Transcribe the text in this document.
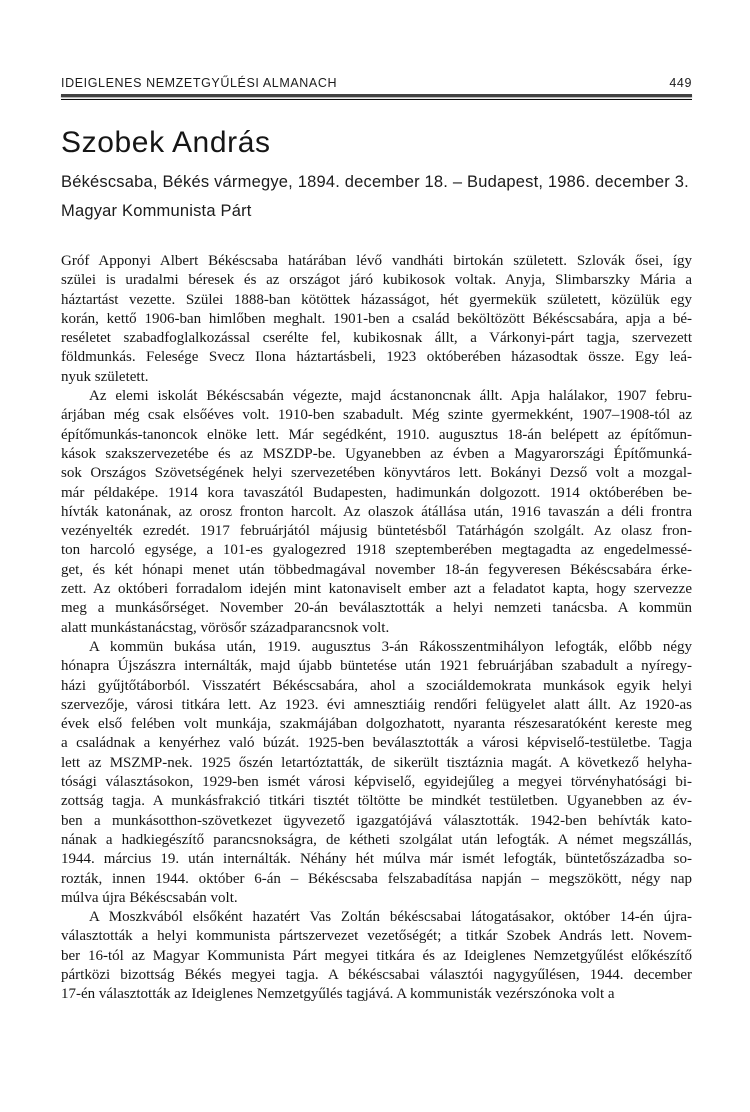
IDEIGLENES NEMZETGYŰLÉSI ALMANACH	449
Szobek András

Békéscsaba, Békés vármegye, 1894. december 18. – Budapest, 1986. december 3.

Magyar Kommunista Párt

Gróf Apponyi Albert Békéscsaba határában lévő vandháti birtokán született. Szlovák ősei, így
szülei is uradalmi béresek és az országot járó kubikosok voltak. Anyja, Slimbarszky Mária a
háztartást vezette. Szülei 1888-ban kötöttek házasságot, hét gyermekük született, közülük egy
korán, kettő 1906-ban himlőben meghalt. 1901-ben a család beköltözött Békéscsabára, apja a bé-
reséletet szabadfoglalkozással cserélte fel, kubikosnak állt, a Várkonyi-párt tagja, szervezett
földmunkás. Felesége Svecz Ilona háztartásbeli, 1923 októberében házasodtak össze. Egy leá-
nyuk született.
Az elemi iskolát Békéscsabán végezte, majd ácstanoncnak állt. Apja halálakor, 1907 febru-
árjában még csak elsőéves volt. 1910-ben szabadult. Még szinte gyermekként, 1907–1908-tól az
építőmunkás-tanoncok elnöke lett. Már segédként, 1910. augusztus 18-án belépett az építőmun-
kások szakszervezetébe és az MSZDP-be. Ugyanebben az évben a Magyarországi Építőmunká-
sok Országos Szövetségének helyi szervezetében könyvtáros lett. Bokányi Dezső volt a mozgal-
már példaképe. 1914 kora tavaszától Budapesten, hadimunkán dolgozott. 1914 októberében be-
hívták katonának, az orosz fronton harcolt. Az olaszok átállása után, 1916 tavaszán a déli frontra
vezényelték ezredét. 1917 februárjától májusig büntetésből Tatárhágón szolgált. Az olasz fron-
ton harcoló egysége, a 101-es gyalogezred 1918 szeptemberében megtagadta az engedelmessé-
get, és két hónapi menet után többedmagával november 18-án fegyveresen Békéscsabára érke-
zett. Az októberi forradalom idején mint katonaviselt ember azt a feladatot kapta, hogy szervezze
meg a munkásőrséget. November 20-án beválasztották a helyi nemzeti tanácsba. A kommün
alatt munkástanácstag, vörösőr századparancsnok volt.
A kommün bukása után, 1919. augusztus 3-án Rákosszentmihályon lefogták, előbb négy
hónapra Újszászra internálták, majd újabb büntetése után 1921 februárjában szabadult a nyíregy-
házi gyűjtőtáborból. Visszatért Békéscsabára, ahol a szociáldemokrata munkások egyik helyi
szervezője, városi titkára lett. Az 1923. évi amnesztiáig rendőri felügyelet alatt állt. Az 1920-as
évek első felében volt munkája, szakmájában dolgozhatott, nyaranta részesaratóként kereste meg
a családnak a kenyérhez való búzát. 1925-ben beválasztották a városi képviselő-testületbe. Tagja
lett az MSZMP-nek. 1925 őszén letartóztatták, de sikerült tisztáznia magát. A következő helyha-
tósági választásokon, 1929-ben ismét városi képviselő, egyidejűleg a megyei törvényhatósági bi-
zottság tagja. A munkásfrakció titkári tisztét töltötte be mindkét testületben. Ugyanebben az év-
ben a munkásotthon-szövetkezet ügyvezető igazgatójává választották. 1942-ben behívták kato-
nának a hadkiegészítő parancsnokságra, de kétheti szolgálat után lefogták. A német megszállás,
1944. március 19. után internálták. Néhány hét múlva már ismét lefogták, büntetőszázadba so-
rozták, innen 1944. október 6-án – Békéscsaba felszabadítása napján – megszökött, négy nap
múlva újra Békéscsabán volt.
A Moszkvából elsőként hazatért Vas Zoltán békéscsabai látogatásakor, október 14-én újra-
választották a helyi kommunista pártszervezet vezetőségét; a titkár Szobek András lett. Novem-
ber 16-tól az Magyar Kommunista Párt megyei titkára és az Ideiglenes Nemzetgyűlést előkészítő
pártközi bizottság Békés megyei tagja. A békéscsabai választói nagygyűlésen, 1944. december
17-én választották az Ideiglenes Nemzetgyűlés tagjává. A kommunisták vezérszónoka volt a
